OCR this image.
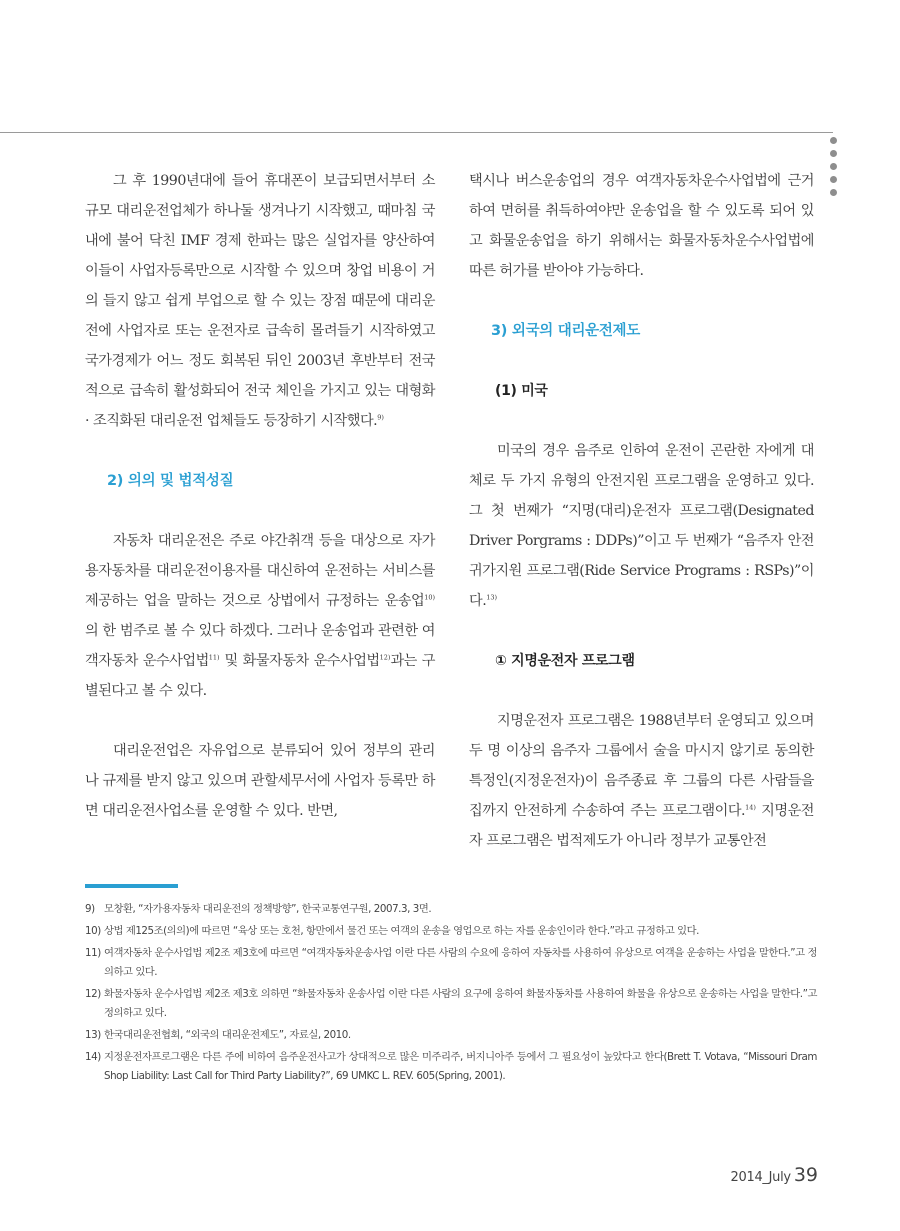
그 후 1990년대에 들어 휴대폰이 보급되면서부터 소규모 대리운전업체가 하나둘 생겨나기 시작했고, 때마침 국내에 불어 닥친 IMF 경제 한파는 많은 실업자를 양산하여 이들이 사업자등록만으로 시작할 수 있으며 창업 비용이 거의 들지 않고 쉽게 부업으로 할 수 있는 장점 때문에 대리운전에 사업자로 또는 운전자로 급속히 몰려들기 시작하였고 국가경제가 어느 정도 회복된 뒤인 2003년 후반부터 전국적으로 급속히 활성화되어 전국 체인을 가지고 있는 대형화 · 조직화된 대리운전 업체들도 등장하기 시작했다.$^{9)}$

2) 의의 및 법적성질

자동차 대리운전은 주로 야간취객 등을 대상으로 자가용자동차를 대리운전이용자를 대신하여 운전하는 서비스를 제공하는 업을 말하는 것으로 상법에서 규정하는 운송업$^{10)}$의 한 범주로 볼 수 있다 하겠다. 그러나 운송업과 관련한 여객자동차 운수사업법$^{11)}$ 및 화물자동차 운수사업법$^{12)}$과는 구별된다고 볼 수 있다.

대리운전업은 자유업으로 분류되어 있어 정부의 관리나 규제를 받지 않고 있으며 관할세무서에 사업자 등록만 하면 대리운전사업소를 운영할 수 있다. 반면,

택시나 버스운송업의 경우 여객자동차운수사업법에 근거하여 면허를 취득하여야만 운송업을 할 수 있도록 되어 있고 화물운송업을 하기 위해서는 화물자동차운수사업법에 따른 허가를 받아야 가능하다.

3) 외국의 대리운전제도
(1) 미국

미국의 경우 음주로 인하여 운전이 곤란한 자에게 대체로 두 가지 유형의 안전지원 프로그램을 운영하고 있다. 그 첫 번째가 “지명(대리)운전자 프로그램(Designated Driver Porgrams : DDPs)”이고 두 번째가 “음주자 안전 귀가지원 프로그램(Ride Service Programs : RSPs)”이다.$^{13)}$

① 지명운전자 프로그램

지명운전자 프로그램은 1988년부터 운영되고 있으며 두 명 이상의 음주자 그룹에서 술을 마시지 않기로 동의한 특정인(지정운전자)이 음주종료 후 그룹의 다른 사람들을 집까지 안전하게 수송하여 주는 프로그램이다.$^{14)}$ 지명운전자 프로그램은 법적제도가 아니라 정부가 교통안전

9) 모창환, “자가용자동차 대리운전의 정책방향”, 한국교통연구원, 2007.3, 3면.
10) 상법 제125조(의의)에 따르면 “육상 또는 호천, 항만에서 물건 또는 여객의 운송을 영업으로 하는 자를 운송인이라 한다.”라고 규정하고 있다.
11) 여객자동차 운수사업법 제2조 제3호에 따르면 “여객자동차운송사업 이란 다른 사람의 수요에 응하여 자동차를 사용하여 유상으로 여객을 운송하는 사업을 말한다.”고 정의하고 있다.
12) 화물자동차 운수사업법 제2조 제3호 의하면 “화물자동차 운송사업 이란 다른 사람의 요구에 응하여 화물자동차를 사용하여 화물을 유상으로 운송하는 사업을 말한다.”고 정의하고 있다.
13) 한국대리운전협회, “외국의 대리운전제도”, 자료실, 2010.
14) 지정운전자프로그램은 다른 주에 비하여 음주운전사고가 상대적으로 많은 미주리주, 버지니아주 등에서 그 필요성이 높았다고 한다(Brett T. Votava, “Missouri Dram Shop Liability: Last Call for Third Party Liability?”, 69 UMKC L. REV. 605(Spring, 2001).
2014_July 39
